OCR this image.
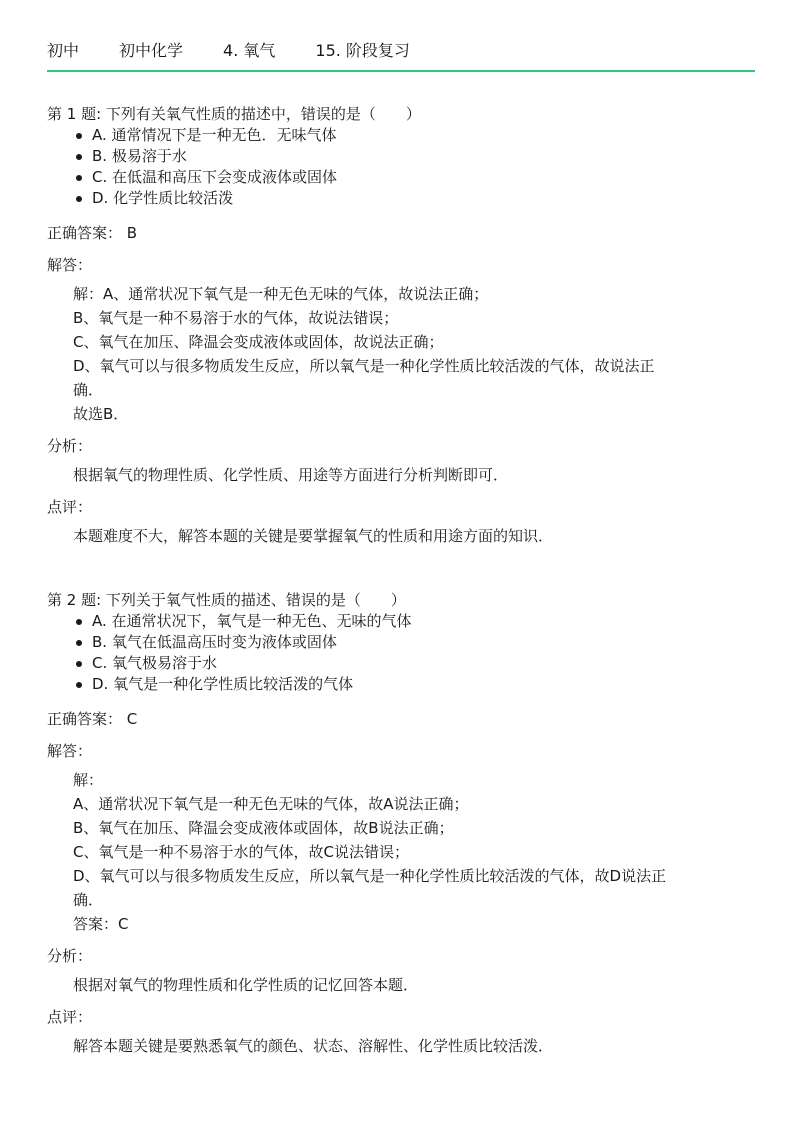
初中	初中化学	4. 氧气	15. 阶段复习
第 1 题: 下列有关氧气性质的描述中，错误的是（　　）
A. 通常情况下是一种无色．无味气体
B. 极易溶于水
C. 在低温和高压下会变成液体或固体
D. 化学性质比较活泼
正确答案： B
解答：

解：A、通常状况下氧气是一种无色无味的气体，故说法正确；

B、氧气是一种不易溶于水的气体，故说法错误；

C、氧气在加压、降温会变成液体或固体，故说法正确；

D、氧气可以与很多物质发生反应，所以氧气是一种化学性质比较活泼的气体，故说法正

确．

故选B．

分析：

根据氧气的物理性质、化学性质、用途等方面进行分析判断即可．

点评：

本题难度不大，解答本题的关键是要掌握氧气的性质和用途方面的知识．

第 2 题: 下列关于氧气性质的描述、错误的是（　　）
A. 在通常状况下，氧气是一种无色、无味的气体
B. 氧气在低温高压时变为液体或固体
C. 氧气极易溶于水
D. 氧气是一种化学性质比较活泼的气体
正确答案： C
解答：

解：

A、通常状况下氧气是一种无色无味的气体，故A说法正确；

B、氧气在加压、降温会变成液体或固体，故B说法正确；

C、氧气是一种不易溶于水的气体，故C说法错误；

D、氧气可以与很多物质发生反应，所以氧气是一种化学性质比较活泼的气体，故D说法正

确．

答案：C

分析：

根据对氧气的物理性质和化学性质的记忆回答本题．

点评：

解答本题关键是要熟悉氧气的颜色、状态、溶解性、化学性质比较活泼．
